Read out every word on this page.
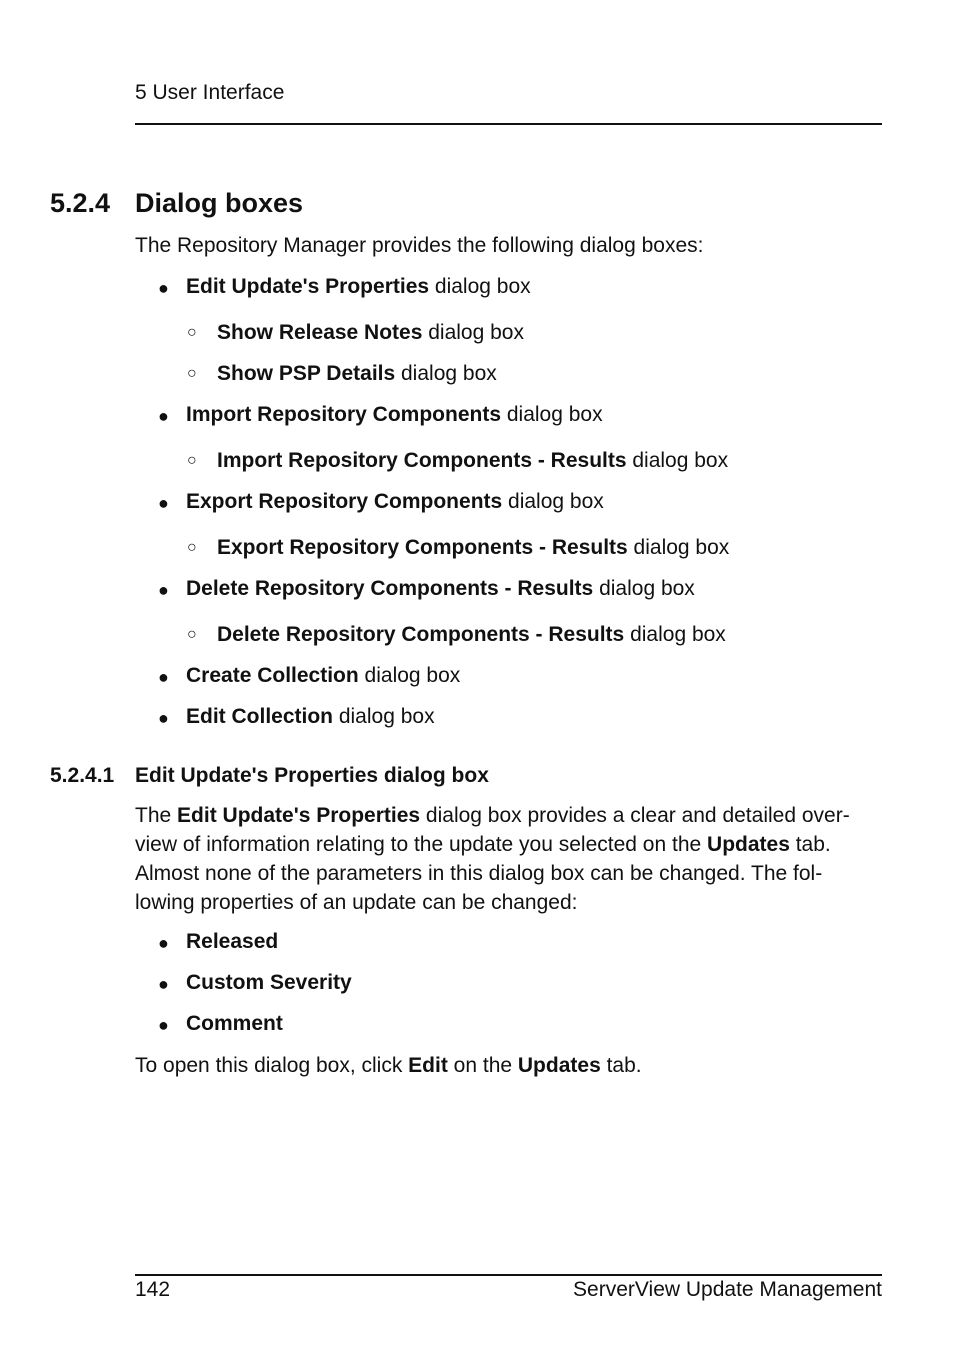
5 User Interface
5.2.4 Dialog boxes
The Repository Manager provides the following dialog boxes:
● Edit Update's Properties dialog box
○ Show Release Notes dialog box
○ Show PSP Details dialog box
● Import Repository Components dialog box
○ Import Repository Components - Results dialog box
● Export Repository Components dialog box
○ Export Repository Components - Results dialog box
● Delete Repository Components - Results dialog box
○ Delete Repository Components - Results dialog box
● Create Collection dialog box
● Edit Collection dialog box
5.2.4.1 Edit Update's Properties dialog box
The Edit Update's Properties dialog box provides a clear and detailed over-
view of information relating to the update you selected on the Updates tab.
Almost none of the parameters in this dialog box can be changed. The fol-
lowing properties of an update can be changed:
● Released
● Custom Severity
● Comment
To open this dialog box, click Edit on the Updates tab.
142	ServerView Update Management
